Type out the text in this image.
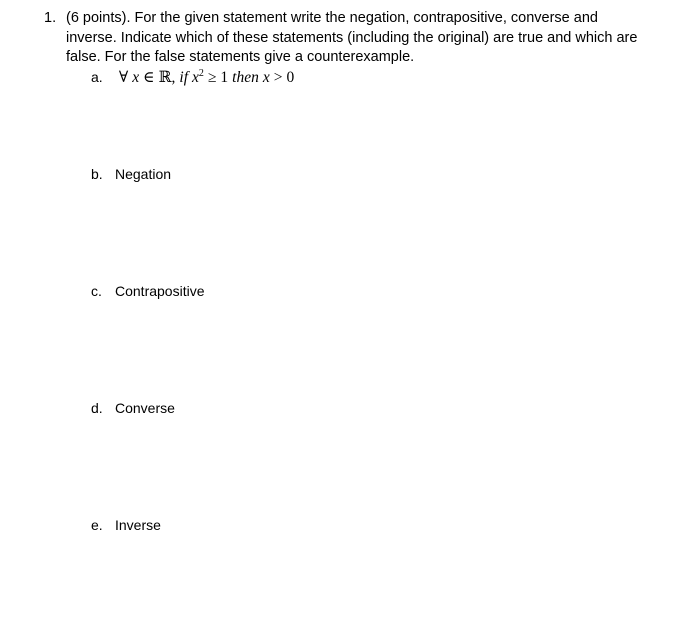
1. (6 points). For the given statement write the negation, contrapositive, converse and inverse. Indicate which of these statements (including the original) are true and which are false. For the false statements give a counterexample.
a. ∀ x ∈ ℝ, if $x^2 \ge 1$ then x > 0
b. Negation
c. Contrapositive
d. Converse
e. Inverse
